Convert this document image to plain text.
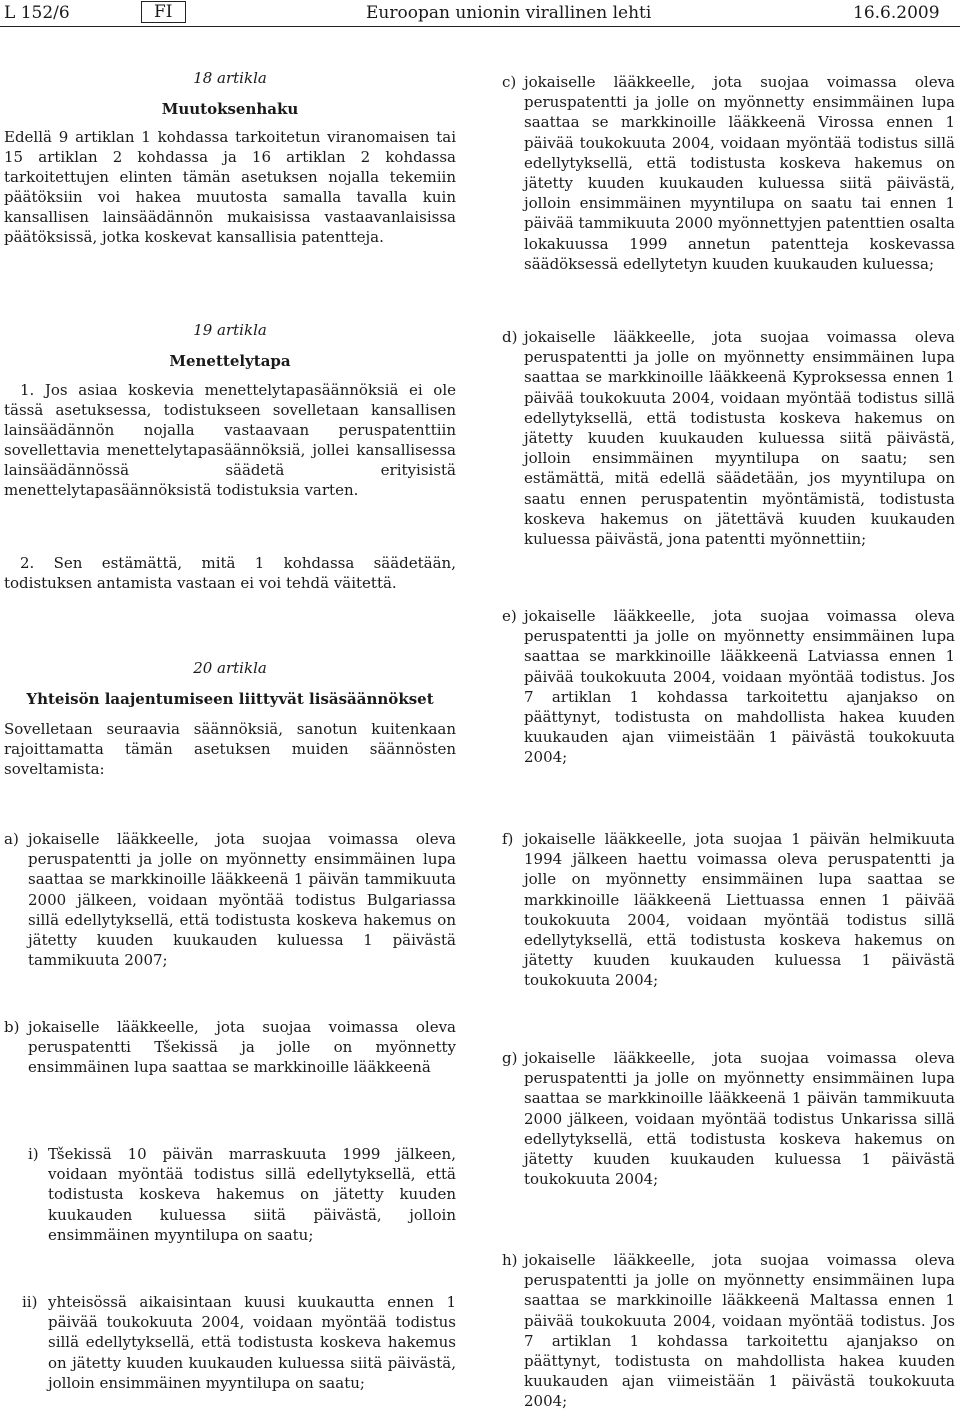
L 152/6	FI	Euroopan unionin virallinen lehti	16.6.2009
18 artikla
Muutoksenhaku
Edellä 9 artiklan 1 kohdassa tarkoitetun viranomaisen tai 15 artiklan 2 kohdassa ja 16 artiklan 2 kohdassa tarkoitettujen elinten tämän asetuksen nojalla tekemiin päätöksiin voi hakea muutosta samalla tavalla kuin kansallisen lainsäädännön mukaisissa vastaavanlaisissa päätöksissä, jotka koskevat kansallisia patentteja.
19 artikla
Menettelytapa
1. Jos asiaa koskevia menettelytapasäännöksiä ei ole tässä asetuksessa, todistukseen sovelletaan kansallisen lainsäädännön nojalla vastaavaan peruspatenttiin sovellettavia menettelytapasäännöksiä, jollei kansallisessa lainsäädännössä säädetä erityisistä menettelytapasäännöksistä todistuksia varten.
2. Sen estämättä, mitä 1 kohdassa säädetään, todistuksen antamista vastaan ei voi tehdä väitettä.
20 artikla
Yhteisön laajentumiseen liittyvät lisäsäännökset
Sovelletaan seuraavia säännöksiä, sanotun kuitenkaan rajoittamatta tämän asetuksen muiden säännösten soveltamista:
a) jokaiselle lääkkeelle, jota suojaa voimassa oleva peruspatentti ja jolle on myönnetty ensimmäinen lupa saattaa se markkinoille lääkkeenä 1 päivän tammikuuta 2000 jälkeen, voidaan myöntää todistus Bulgariassa sillä edellytyksellä, että todistusta koskeva hakemus on jätetty kuuden kuukauden kuluessa 1 päivästä tammikuuta 2007;
b) jokaiselle lääkkeelle, jota suojaa voimassa oleva peruspatentti Tšekissä ja jolle on myönnetty ensimmäinen lupa saattaa se markkinoille lääkkeenä
i) Tšekissä 10 päivän marraskuuta 1999 jälkeen, voidaan myöntää todistus sillä edellytyksellä, että todistusta koskeva hakemus on jätetty kuuden kuukauden kuluessa siitä päivästä, jolloin ensimmäinen myyntilupa on saatu;
ii) yhteisössä aikaisintaan kuusi kuukautta ennen 1 päivää toukokuuta 2004, voidaan myöntää todistus sillä edellytyksellä, että todistusta koskeva hakemus on jätetty kuuden kuukauden kuluessa siitä päivästä, jolloin ensimmäinen myyntilupa on saatu;
c) jokaiselle lääkkeelle, jota suojaa voimassa oleva peruspatentti ja jolle on myönnetty ensimmäinen lupa saattaa se markkinoille lääkkeenä Virossa ennen 1 päivää toukokuuta 2004, voidaan myöntää todistus sillä edellytyksellä, että todistusta koskeva hakemus on jätetty kuuden kuukauden kuluessa siitä päivästä, jolloin ensimmäinen myyntilupa on saatu tai ennen 1 päivää tammikuuta 2000 myönnettyjen patenttien osalta lokakuussa 1999 annetun patentteja koskevassa säädöksessä edellytetyn kuuden kuukauden kuluessa;
d) jokaiselle lääkkeelle, jota suojaa voimassa oleva peruspatentti ja jolle on myönnetty ensimmäinen lupa saattaa se markkinoille lääkkeenä Kyproksessa ennen 1 päivää toukokuuta 2004, voidaan myöntää todistus sillä edellytyksellä, että todistusta koskeva hakemus on jätetty kuuden kuukauden kuluessa siitä päivästä, jolloin ensimmäinen myyntilupa on saatu; sen estämättä, mitä edellä säädetään, jos myyntilupa on saatu ennen peruspatentin myöntämistä, todistusta koskeva hakemus on jätettävä kuuden kuukauden kuluessa päivästä, jona patentti myönnettiin;
e) jokaiselle lääkkeelle, jota suojaa voimassa oleva peruspatentti ja jolle on myönnetty ensimmäinen lupa saattaa se markkinoille lääkkeenä Latviassa ennen 1 päivää toukokuuta 2004, voidaan myöntää todistus. Jos 7 artiklan 1 kohdassa tarkoitettu ajanjakso on päättynyt, todistusta on mahdollista hakea kuuden kuukauden ajan viimeistään 1 päivästä toukokuuta 2004;
f) jokaiselle lääkkeelle, jota suojaa 1 päivän helmikuuta 1994 jälkeen haettu voimassa oleva peruspatentti ja jolle on myönnetty ensimmäinen lupa saattaa se markkinoille lääkkeenä Liettuassa ennen 1 päivää toukokuuta 2004, voidaan myöntää todistus sillä edellytyksellä, että todistusta koskeva hakemus on jätetty kuuden kuukauden kuluessa 1 päivästä toukokuuta 2004;
g) jokaiselle lääkkeelle, jota suojaa voimassa oleva peruspatentti ja jolle on myönnetty ensimmäinen lupa saattaa se markkinoille lääkkeenä 1 päivän tammikuuta 2000 jälkeen, voidaan myöntää todistus Unkarissa sillä edellytyksellä, että todistusta koskeva hakemus on jätetty kuuden kuukauden kuluessa 1 päivästä toukokuuta 2004;
h) jokaiselle lääkkeelle, jota suojaa voimassa oleva peruspatentti ja jolle on myönnetty ensimmäinen lupa saattaa se markkinoille lääkkeenä Maltassa ennen 1 päivää toukokuuta 2004, voidaan myöntää todistus. Jos 7 artiklan 1 kohdassa tarkoitettu ajanjakso on päättynyt, todistusta on mahdollista hakea kuuden kuukauden ajan viimeistään 1 päivästä toukokuuta 2004;
